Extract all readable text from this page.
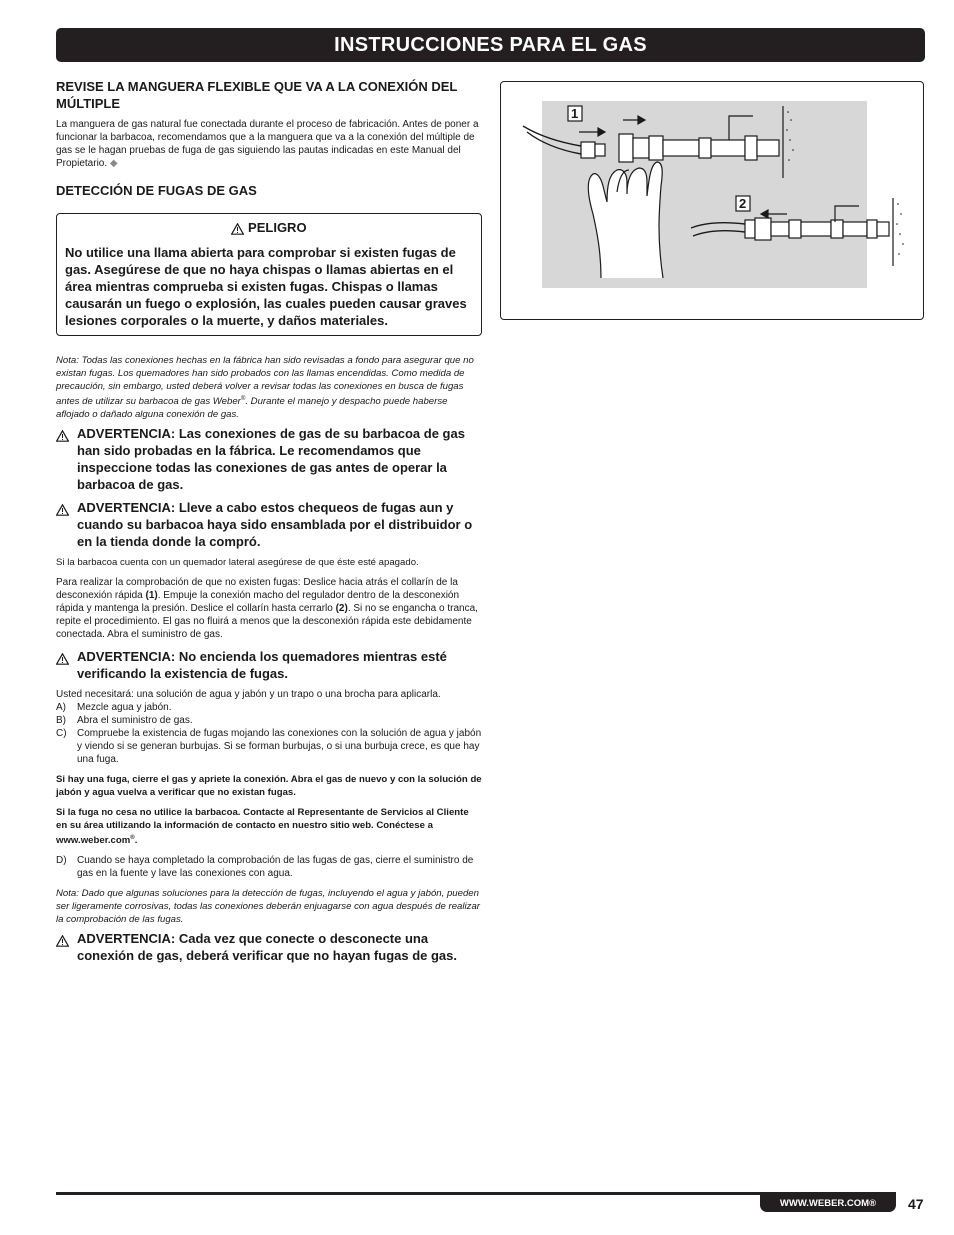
INSTRUCCIONES PARA EL GAS
REVISE LA MANGUERA FLEXIBLE QUE VA A LA CONEXIÓN DEL MÚLTIPLE
La manguera de gas natural fue conectada durante el proceso de fabricación. Antes de poner a funcionar la barbacoa, recomendamos que a la manguera que va a la conexión del múltiple de gas se le hagan pruebas de fuga de gas siguiendo las pautas indicadas en este Manual del Propietario. ◆
DETECCIÓN DE FUGAS DE GAS
PELIGRO
No utilice una llama abierta para comprobar si existen fugas de gas. Asegúrese de que no haya chispas o llamas abiertas en el área mientras comprueba si existen fugas. Chispas o llamas causarán un fuego o explosión, las cuales pueden causar graves lesiones corporales o la muerte, y daños materiales.
Nota: Todas las conexiones hechas en la fábrica han sido revisadas a fondo para asegurar que no existan fugas. Los quemadores han sido probados con las llamas encendidas. Como medida de precaución, sin embargo, usted deberá volver a revisar todas las conexiones en busca de fugas antes de utilizar su barbacoa de gas Weber®. Durante el manejo y despacho puede haberse aflojado o dañado alguna conexión de gas.
ADVERTENCIA: Las conexiones de gas de su barbacoa de gas han sido probadas en la fábrica. Le recomendamos que inspeccione todas las conexiones de gas antes de operar la barbacoa de gas.
ADVERTENCIA: Lleve a cabo estos chequeos de fugas aun y cuando su barbacoa haya sido ensamblada por el distribuidor o en la tienda donde la compró.
Si la barbacoa cuenta con un quemador lateral asegúrese de que éste esté apagado.
Para realizar la comprobación de que no existen fugas: Deslice hacia atrás el collarín de la desconexión rápida (1). Empuje la conexión macho del regulador dentro de la desconexión rápida y mantenga la presión. Deslice el collarín hasta cerrarlo (2). Si no se engancha o tranca, repite el procedimiento. El gas no fluirá a menos que la desconexión rápida este debidamente conectada. Abra el suministro de gas.
ADVERTENCIA: No encienda los quemadores mientras esté verificando la existencia de fugas.
Usted necesitará: una solución de agua y jabón y un trapo o una brocha para aplicarla.
A)	Mezcle agua y jabón.
B)	Abra el suministro de gas.
C)	Compruebe la existencia de fugas mojando las conexiones con la solución de agua y jabón y viendo si se generan burbujas. Si se forman burbujas, o si una burbuja crece, es que hay una fuga.
Si hay una fuga, cierre el gas y apriete la conexión. Abra el gas de nuevo y con la solución de jabón y agua vuelva a verificar que no existan fugas.
Si la fuga no cesa no utilice la barbacoa. Contacte al Representante de Servicios al Cliente en su área utilizando la información de contacto en nuestro sitio web. Conéctese a www.weber.com®.
D)	Cuando se haya completado la comprobación de las fugas de gas, cierre el suministro de gas en la fuente y lave las conexiones con agua.
Nota: Dado que algunas soluciones para la detección de fugas, incluyendo el agua y jabón, pueden ser ligeramente corrosivas, todas las conexiones deberán enjuagarse con agua después de realizar la comprobación de las fugas.
ADVERTENCIA: Cada vez que conecte o desconecte una conexión de gas, deberá verificar que no hayan fugas de gas.
1
2
WWW.WEBER.COM® 47
